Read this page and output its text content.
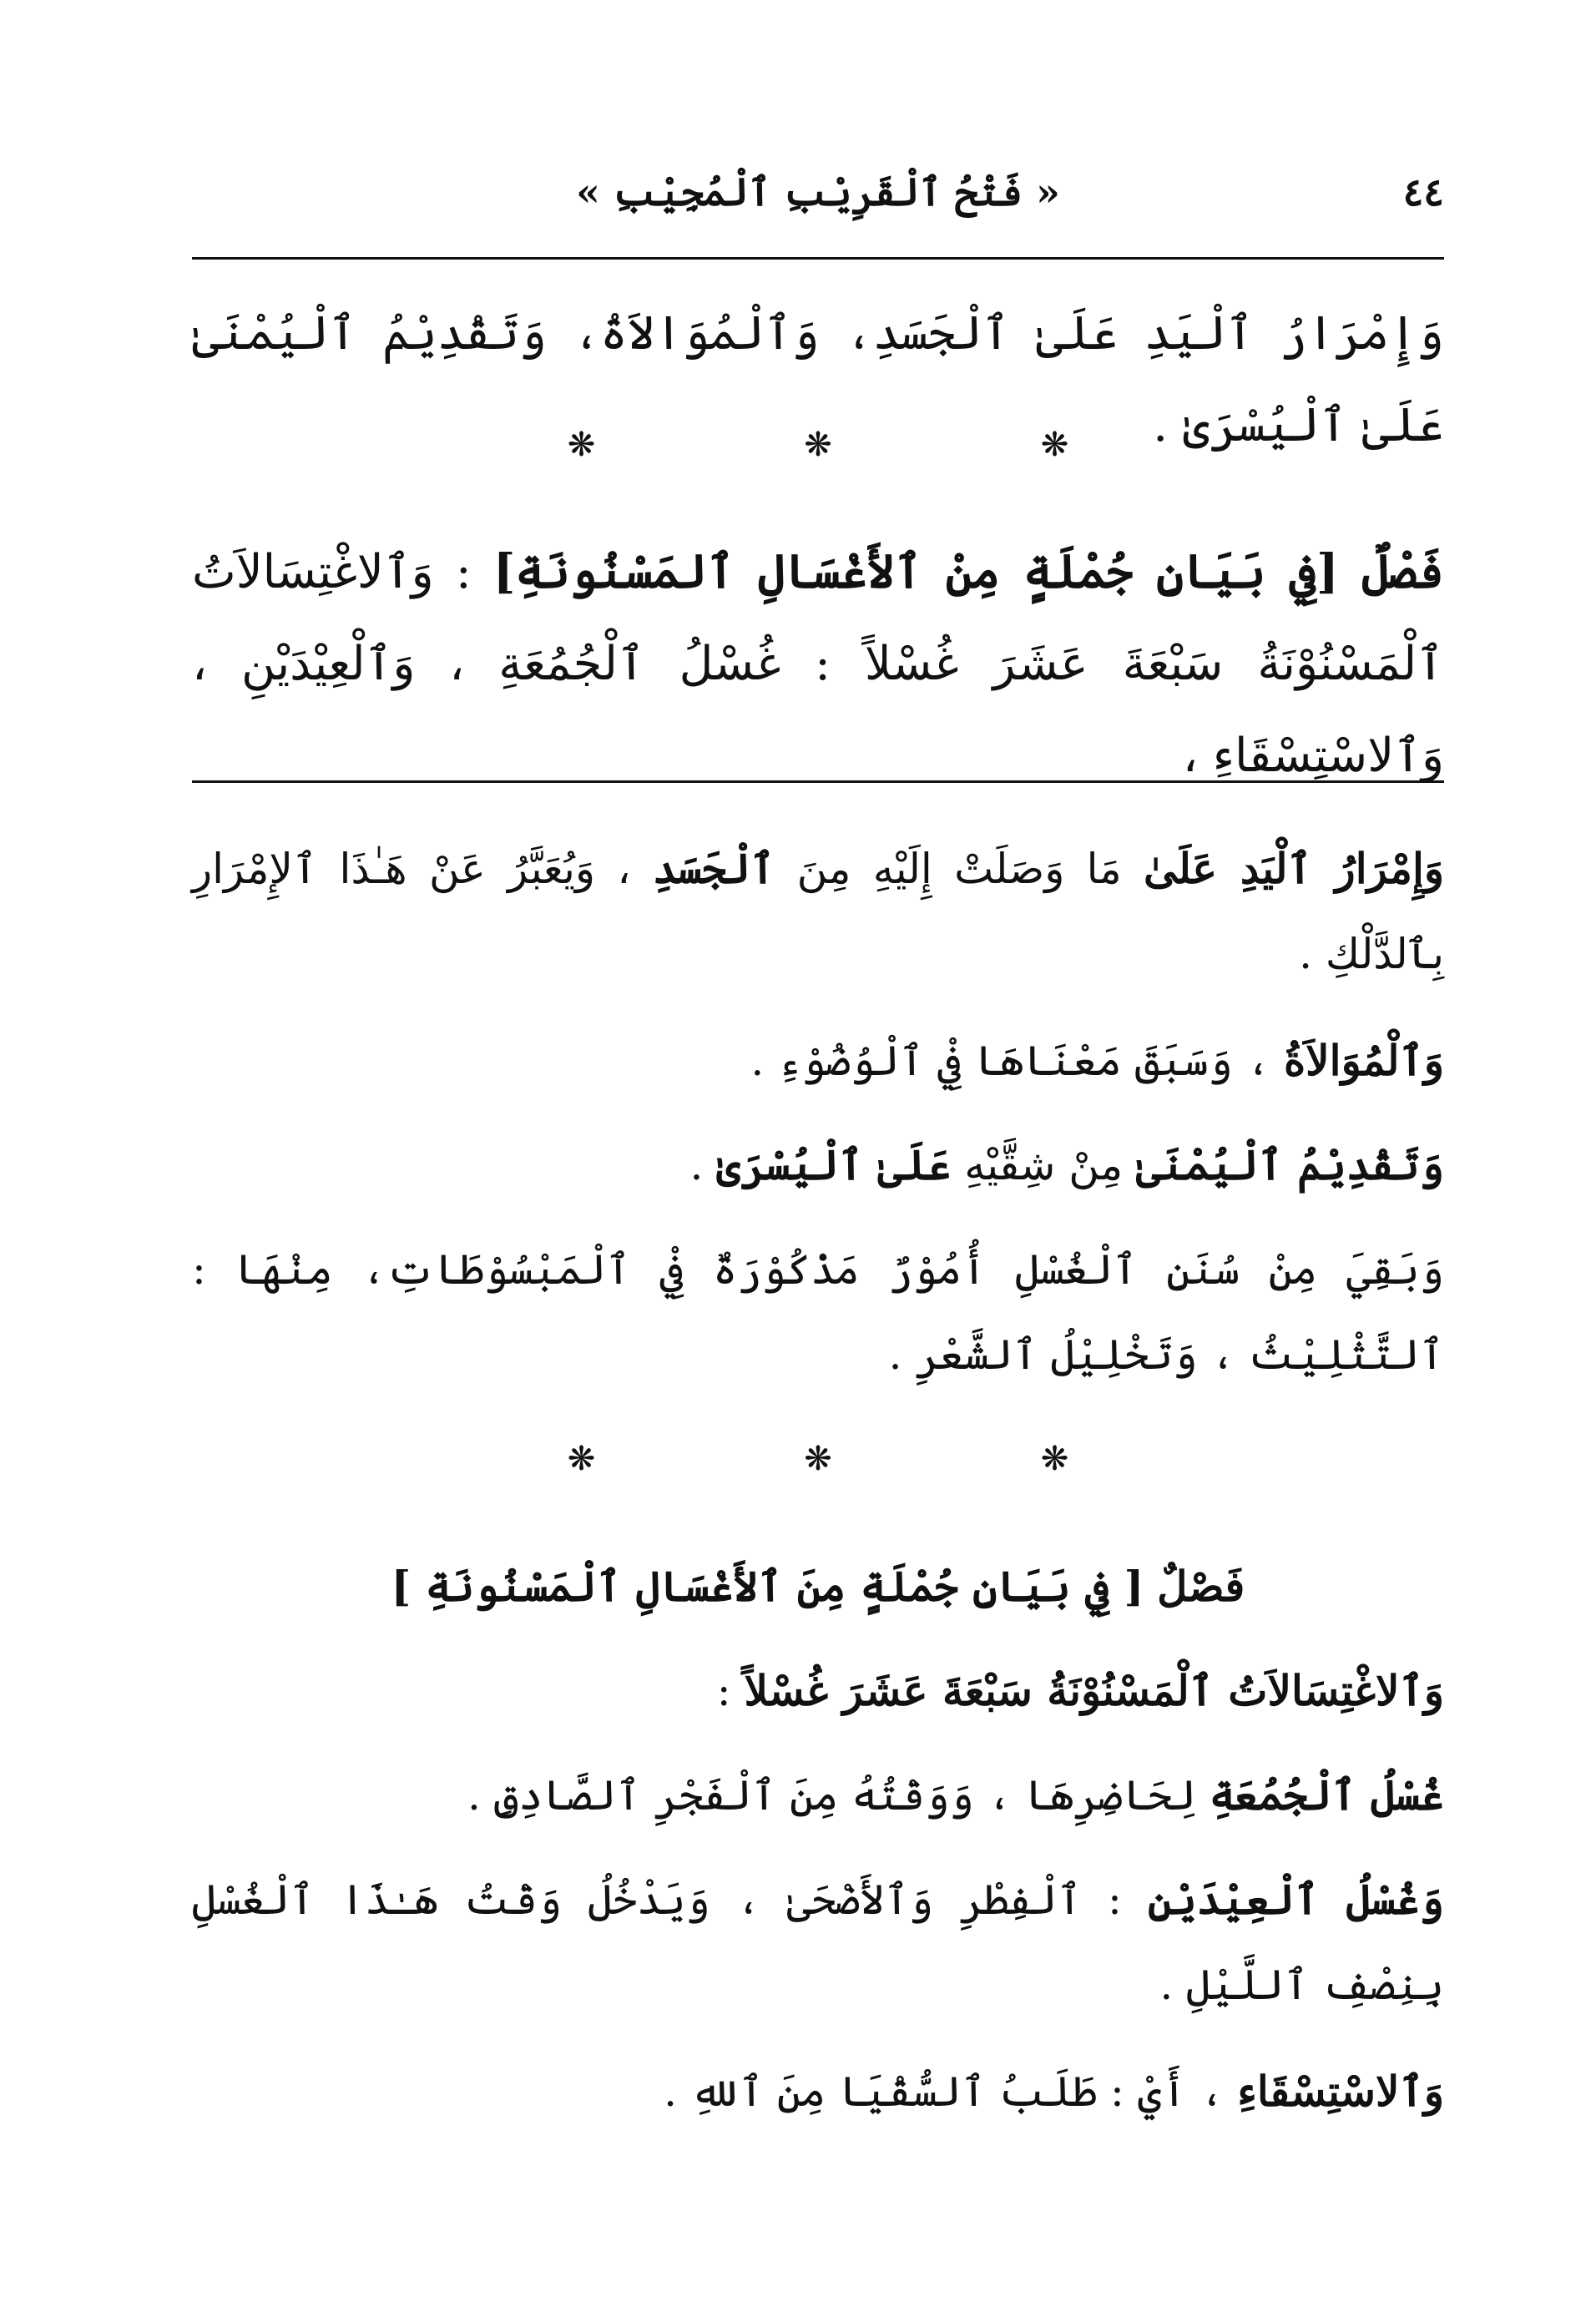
٤٤
« فَتْحُ ٱلْقَرِيْبِ ٱلْمُجِيْبِ »
وَإِمْرَارُ ٱلْيَدِ عَلَىٰ ٱلْجَسَدِ، وَٱلْمُوَالاَةُ، وَتَقْدِيْمُ ٱلْيُمْنَىٰ عَلَىٰ ٱلْيُسْرَىٰ .
❋
❋
❋
فَصْلٌ [فِي بَيَانِ جُمْلَةٍ مِنْ ٱلأَغْسَالِ ٱلمَسْنُونَةِ] : وَٱلاغْتِسَالاَتُ ٱلْمَسْنُوْنَةُ سَبْعَةَ عَشَرَ غُسْلاً : غُسْلُ ٱلْجُمُعَةِ ، وَٱلْعِيْدَيْنِ ، وَٱلاسْتِسْقَاءِ ،
وَإِمْرَارُ ٱلْيَدِ عَلَىٰ مَا وَصَلَتْ إِلَيْهِ مِنَ ٱلْجَسَدِ ، وَيُعَبَّرُ عَنْ هَـٰذَا ٱلإِمْرَارِ بِٱلدَّلْكِ .
وَٱلْمُوَالاَةُ ، وَسَبَقَ مَعْنَاهَا فِيْ ٱلْوُضُوْءِ .
وَتَقْدِيْمُ ٱلْيُمْنَىٰ مِنْ شِقَّيْهِ عَلَىٰ ٱلْيُسْرَىٰ .
وَبَقِيَ مِنْ سُنَنِ ٱلْغُسْلِ أُمُوْرٌ مَذْكُوْرَةٌ فِيْ ٱلْمَبْسُوْطَاتِ، مِنْهَا : ٱلتَّثْلِيْثُ ، وَتَخْلِيْلُ ٱلشَّعْرِ .
❋
❋
❋
فَصْلٌ [ فِي بَيَانِ جُمْلَةٍ مِنَ ٱلأَغْسَالِ ٱلْمَسْنُونَةِ ]
وَٱلاغْتِسَالاَتُ ٱلْمَسْنُوْنَةُ سَبْعَةَ عَشَرَ غُسْلاً :
غُسْلُ ٱلْجُمُعَةِ لِحَاضِرِهَا ، وَوَقْتُهُ مِنَ ٱلْفَجْرِ ٱلصَّادِقِ .
وَغُسْلُ ٱلْعِيْدَيْنِ : ٱلْفِطْرِ وَٱلأَضْحَىٰ ، وَيَدْخُلُ وَقْتُ هَـٰذَا ٱلْغُسْلِ بِنِصْفِ ٱللَّيْلِ .
وَٱلاسْتِسْقَاءِ ، أَيْ : طَلَبُ ٱلسُّقْيَا مِنَ ٱللهِ .
